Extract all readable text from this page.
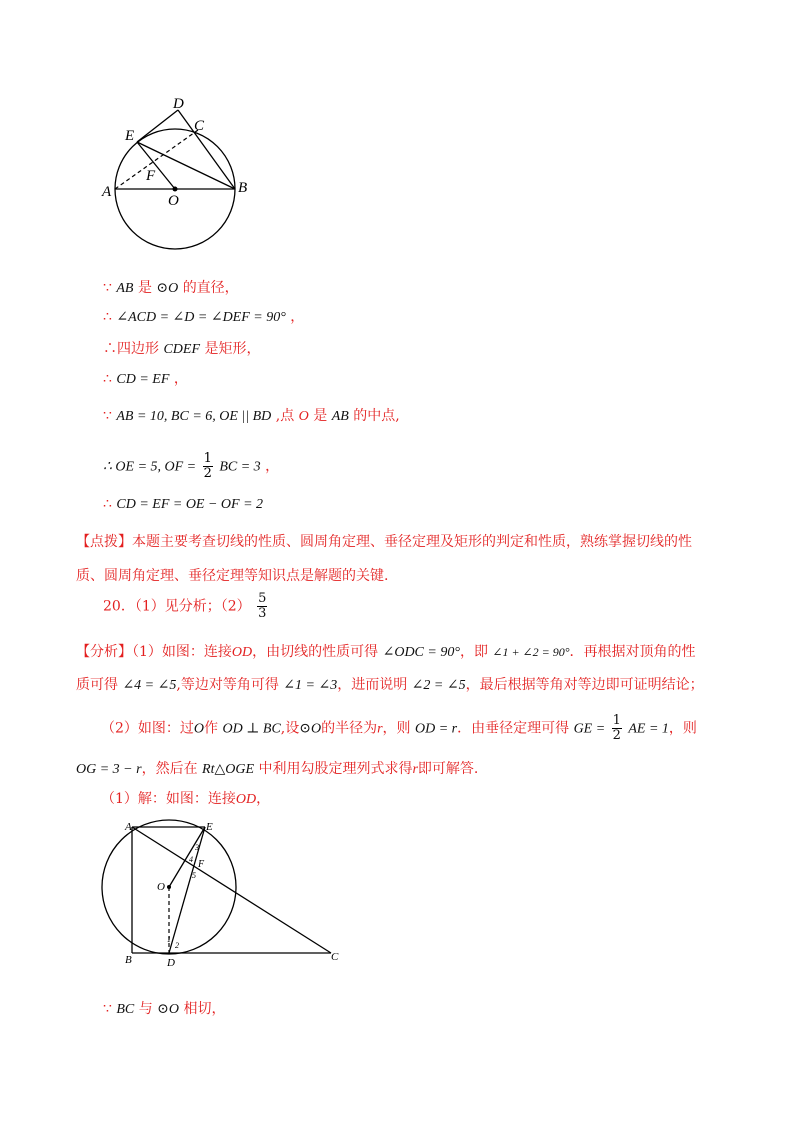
D
E
C
F
A	B
O
∵ AB 是 ⊙O 的直径，
∴ ∠ACD = ∠D = ∠DEF = 90° ，
∴四边形 CDEF 是矩形，
∴ CD = EF ，
∵ AB = 10, BC = 6, OE || BD ,点 O 是 AB 的中点,
∴ OE = 5, OF = $\frac{1}{2}$ BC = 3 ，
∴ CD = EF = OE − OF = 2
【点拨】本题主要考查切线的性质、圆周角定理、垂径定理及矩形的判定和性质，熟练掌握切线的性
质、圆周角定理、垂径定理等知识点是解题的关键.
20．（1）见分析；$(2) \frac{5}{3}$
【分析】（1）如图：连接OD，由切线的性质可得 ∠ODC = 90°，即 ∠1 + ∠2 = 90°．再根据对顶角的性
质可得 ∠4 = ∠5,等边对等角可得 ∠1 = ∠3，进而说明 ∠2 = ∠5，最后根据等角对等边即可证明结论；
（2）如图：过O作 OD ⊥ BC,设⊙O的半径为r，则 OD = r．由垂径定理可得 GE = $\frac{1}{2}$ AE = 1，则
OG = 3 − r，然后在 Rt△OGE 中利用勾股定理列式求得r即可解答.
（1）解：如图：连接OD，
A	E
3
4 F
5
O
1
2
B	D	C
∵ BC 与 ⊙O 相切，
